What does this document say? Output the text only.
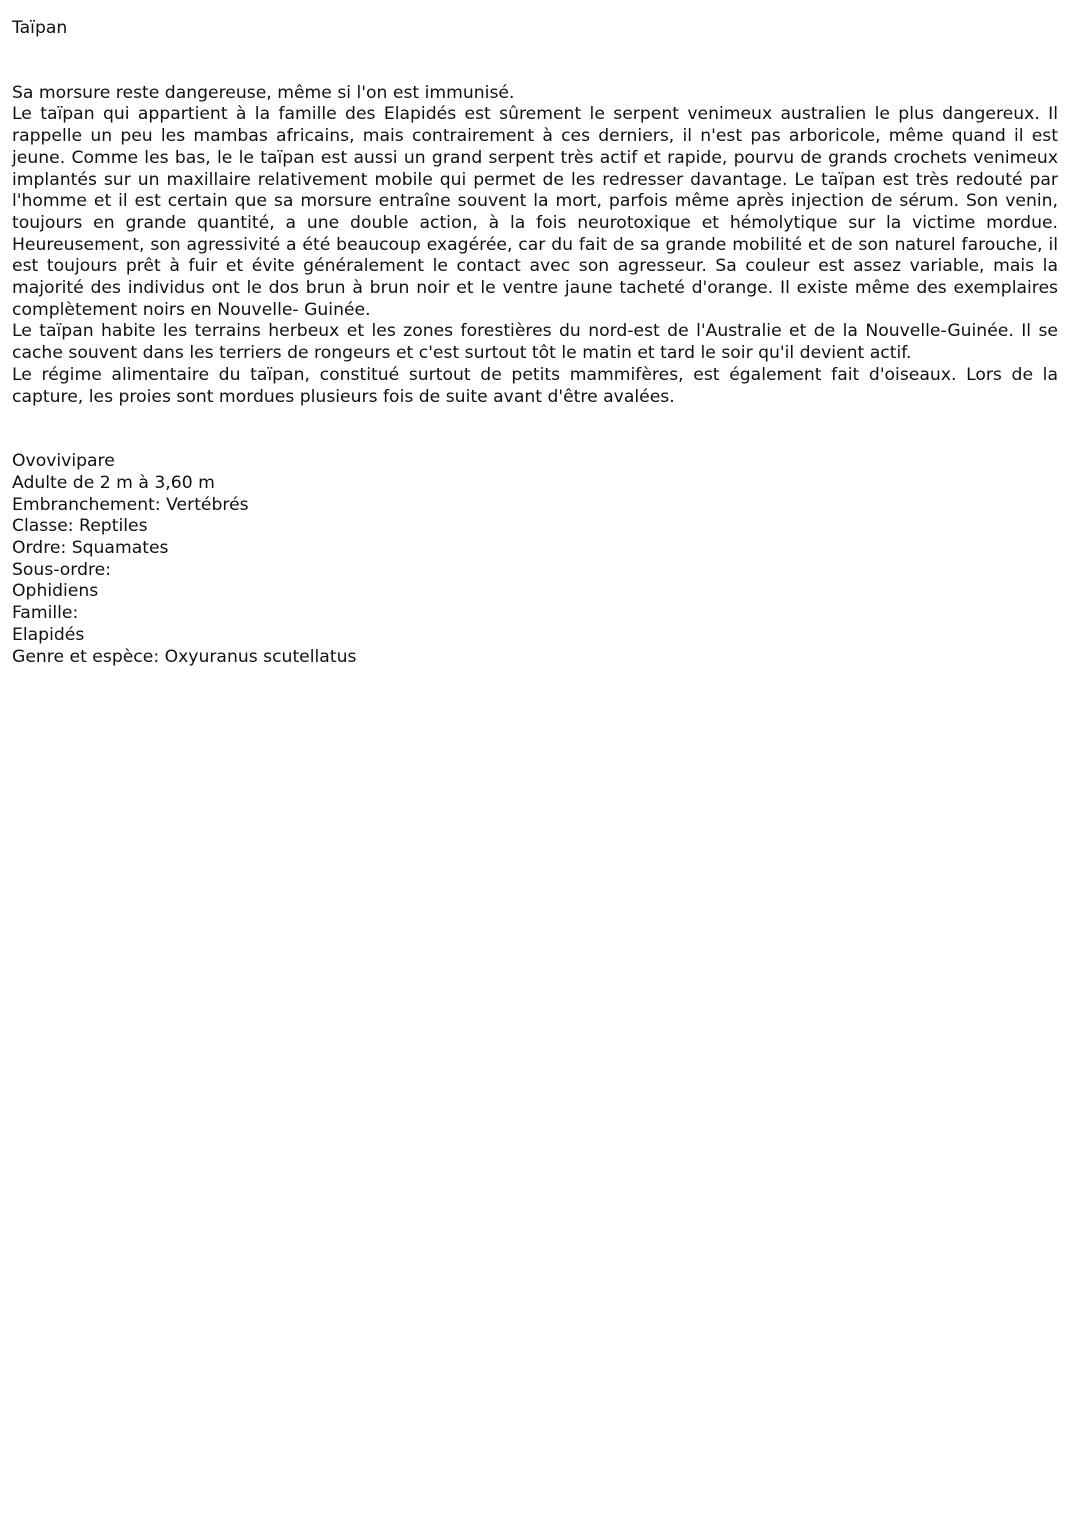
Taïpan

Sa morsure reste dangereuse, même si l'on est immunisé.

Le taïpan qui appartient à la famille des Elapidés est sûrement le serpent venimeux australien le plus dangereux. Il rappelle un peu les mambas africains, mais contrairement à ces derniers, il n'est pas arboricole, même quand il est jeune. Comme les bas, le le taïpan est aussi un grand serpent très actif et rapide, pourvu de grands crochets venimeux implantés sur un maxillaire relativement mobile qui permet de les redresser davantage. Le taïpan est très redouté par l'homme et il est certain que sa morsure entraîne souvent la mort, parfois même après injection de sérum. Son venin, toujours en grande quantité, a une double action, à la fois neurotoxique et hémolytique sur la victime mordue. Heureusement, son agressivité a été beaucoup exagérée, car du fait de sa grande mobilité et de son naturel farouche, il est toujours prêt à fuir et évite généralement le contact avec son agresseur. Sa couleur est assez variable, mais la majorité des individus ont le dos brun à brun noir et le ventre jaune tacheté d'orange. Il existe même des exemplaires complètement noirs en Nouvelle- Guinée.

Le taïpan habite les terrains herbeux et les zones forestières du nord-est de l'Australie et de la Nouvelle-Guinée. Il se cache souvent dans les terriers de rongeurs et c'est surtout tôt le matin et tard le soir qu'il devient actif.

Le régime alimentaire du taïpan, constitué surtout de petits mammifères, est également fait d'oiseaux. Lors de la capture, les proies sont mordues plusieurs fois de suite avant d'être avalées.

Ovovivipare

Adulte de 2 m à 3,60 m

Embranchement: Vertébrés

Classe: Reptiles

Ordre: Squamates

Sous-ordre:

Ophidiens

Famille:

Elapidés

Genre et espèce: Oxyuranus scutellatus
